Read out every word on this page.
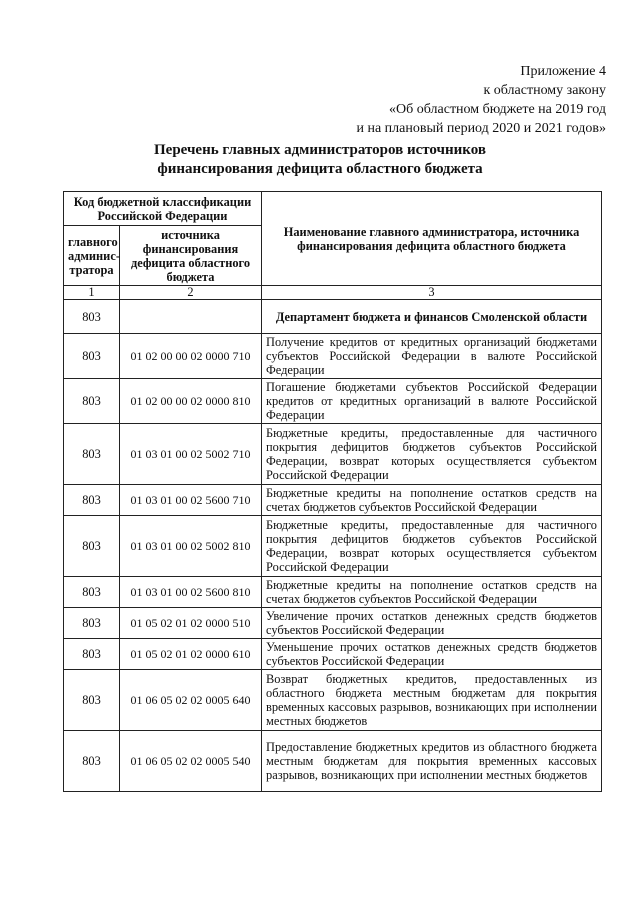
Приложение 4
к областному закону
«Об областном бюджете на 2019 год
и на плановый период 2020 и 2021 годов»
Перечень главных администраторов источников
финансирования дефицита областного бюджета
Код бюджетной классификации Российской Федерации		Наименование главного администратора, источника финансирования дефицита областного бюджета
главного админис-тратора	источника финансирования дефицита областного бюджета	
1	2	3
803		Департамент бюджета и финансов Смоленской области
803	01 02 00 00 02 0000 710	Получение кредитов от кредитных организаций бюджетами субъектов Российской Федерации в валюте Российской Федерации
803	01 02 00 00 02 0000 810	Погашение бюджетами субъектов Российской Федерации кредитов от кредитных организаций в валюте Российской Федерации
803	01 03 01 00 02 5002 710	Бюджетные кредиты, предоставленные для частичного покрытия дефицитов бюджетов субъектов Российской Федерации, возврат которых осуществляется субъектом Российской Федерации
803	01 03 01 00 02 5600 710	Бюджетные кредиты на пополнение остатков средств на счетах бюджетов субъектов Российской Федерации
803	01 03 01 00 02 5002 810	Бюджетные кредиты, предоставленные для частичного покрытия дефицитов бюджетов субъектов Российской Федерации, возврат которых осуществляется субъектом Российской Федерации
803	01 03 01 00 02 5600 810	Бюджетные кредиты на пополнение остатков средств на счетах бюджетов субъектов Российской Федерации
803	01 05 02 01 02 0000 510	Увеличение прочих остатков денежных средств бюджетов субъектов Российской Федерации
803	01 05 02 01 02 0000 610	Уменьшение прочих остатков денежных средств бюджетов субъектов Российской Федерации
803	01 06 05 02 02 0005 640	Возврат бюджетных кредитов, предоставленных из областного бюджета местным бюджетам для покрытия временных кассовых разрывов, возникающих при исполнении местных бюджетов
803	01 06 05 02 02 0005 540	Предоставление бюджетных кредитов из областного бюджета местным бюджетам для покрытия временных кассовых разрывов, возникающих при исполнении местных бюджетов
